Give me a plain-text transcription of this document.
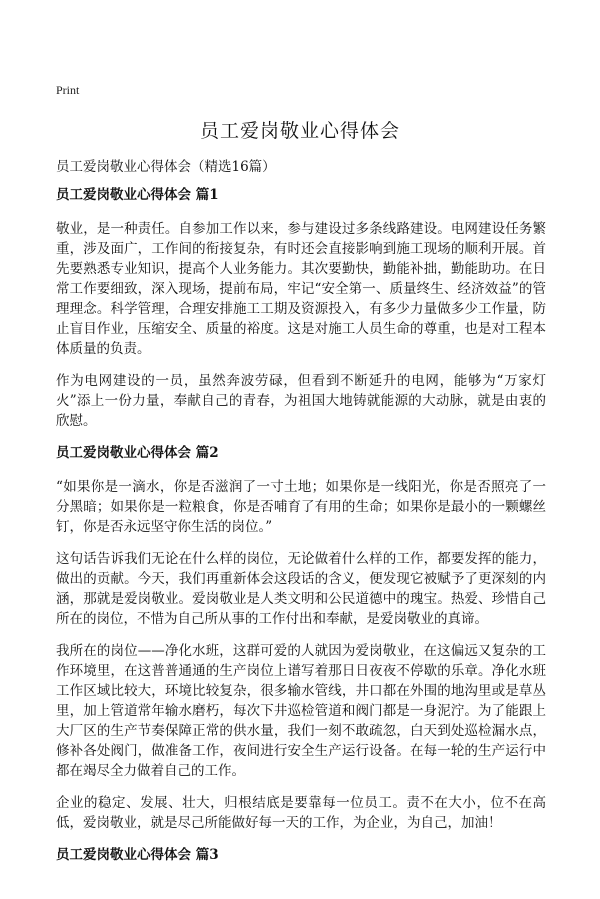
Print
员工爱岗敬业心得体会

员工爱岗敬业心得体会（精选16篇）

员工爱岗敬业心得体会 篇1

敬业，是一种责任。自参加工作以来，参与建设过多条线路建设。电网建设任务繁重，涉及面广，工作间的衔接复杂，有时还会直接影响到施工现场的顺利开展。首先要熟悉专业知识，提高个人业务能力。其次要勤快，勤能补拙，勤能助功。在日常工作要细致，深入现场，提前布局，牢记“安全第一、质量终生、经济效益”的管理理念。科学管理，合理安排施工工期及资源投入，有多少力量做多少工作量，防止盲目作业，压缩安全、质量的裕度。这是对施工人员生命的尊重，也是对工程本体质量的负责。

作为电网建设的一员，虽然奔波劳碌，但看到不断延升的电网，能够为“万家灯火”添上一份力量，奉献自己的青春，为祖国大地铸就能源的大动脉，就是由衷的欣慰。

员工爱岗敬业心得体会 篇2

“如果你是一滴水，你是否滋润了一寸土地；如果你是一线阳光，你是否照亮了一分黑暗；如果你是一粒粮食，你是否哺育了有用的生命；如果你是最小的一颗螺丝钉，你是否永远坚守你生活的岗位。”

这句话告诉我们无论在什么样的岗位，无论做着什么样的工作，都要发挥的能力，做出的贡献。今天，我们再重新体会这段话的含义，便发现它被赋予了更深刻的内涵，那就是爱岗敬业。爱岗敬业是人类文明和公民道德中的瑰宝。热爱、珍惜自己所在的岗位，不惜为自己所从事的工作付出和奉献，是爱岗敬业的真谛。

我所在的岗位——净化水班，这群可爱的人就因为爱岗敬业，在这偏远又复杂的工作环境里，在这普普通通的生产岗位上谱写着那日日夜夜不停歇的乐章。净化水班工作区域比较大，环境比较复杂，很多输水管线，井口都在外围的地沟里或是草丛里，加上管道常年输水磨朽，每次下井巡检管道和阀门都是一身泥泞。为了能跟上大厂区的生产节奏保障正常的供水量，我们一刻不敢疏忽，白天到处巡检漏水点，修补各处阀门，做准备工作，夜间进行安全生产运行设备。在每一轮的生产运行中都在竭尽全力做着自己的工作。

企业的稳定、发展、壮大，归根结底是要靠每一位员工。责不在大小，位不在高低，爱岗敬业，就是尽己所能做好每一天的工作，为企业，为自己，加油！

员工爱岗敬业心得体会 篇3
